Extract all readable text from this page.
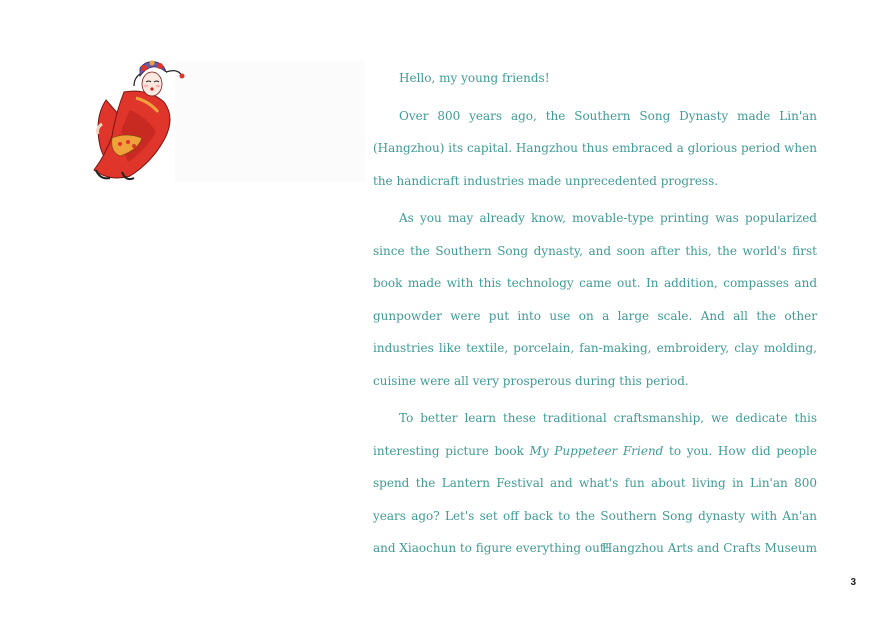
Hello, my young friends!

Over 800 years ago, the Southern Song Dynasty made Lin'an (Hangzhou) its capital. Hangzhou thus embraced a glorious period when the handicraft industries made unprecedented progress.

As you may already know, movable-type printing was popularized since the Southern Song dynasty, and soon after this, the world's first book made with this technology came out. In addition, compasses and gunpowder were put into use on a large scale. And all the other industries like textile, porcelain, fan-making, embroidery, clay molding, cuisine were all very prosperous during this period.

To better learn these traditional craftsmanship, we dedicate this interesting picture book My Puppeteer Friend to you. How did people spend the Lantern Festival and what's fun about living in Lin'an 800 years ago? Let's set off back to the Southern Song dynasty with An'an and Xiaochun to figure everything out!

Hangzhou Arts and Crafts Museum
3
